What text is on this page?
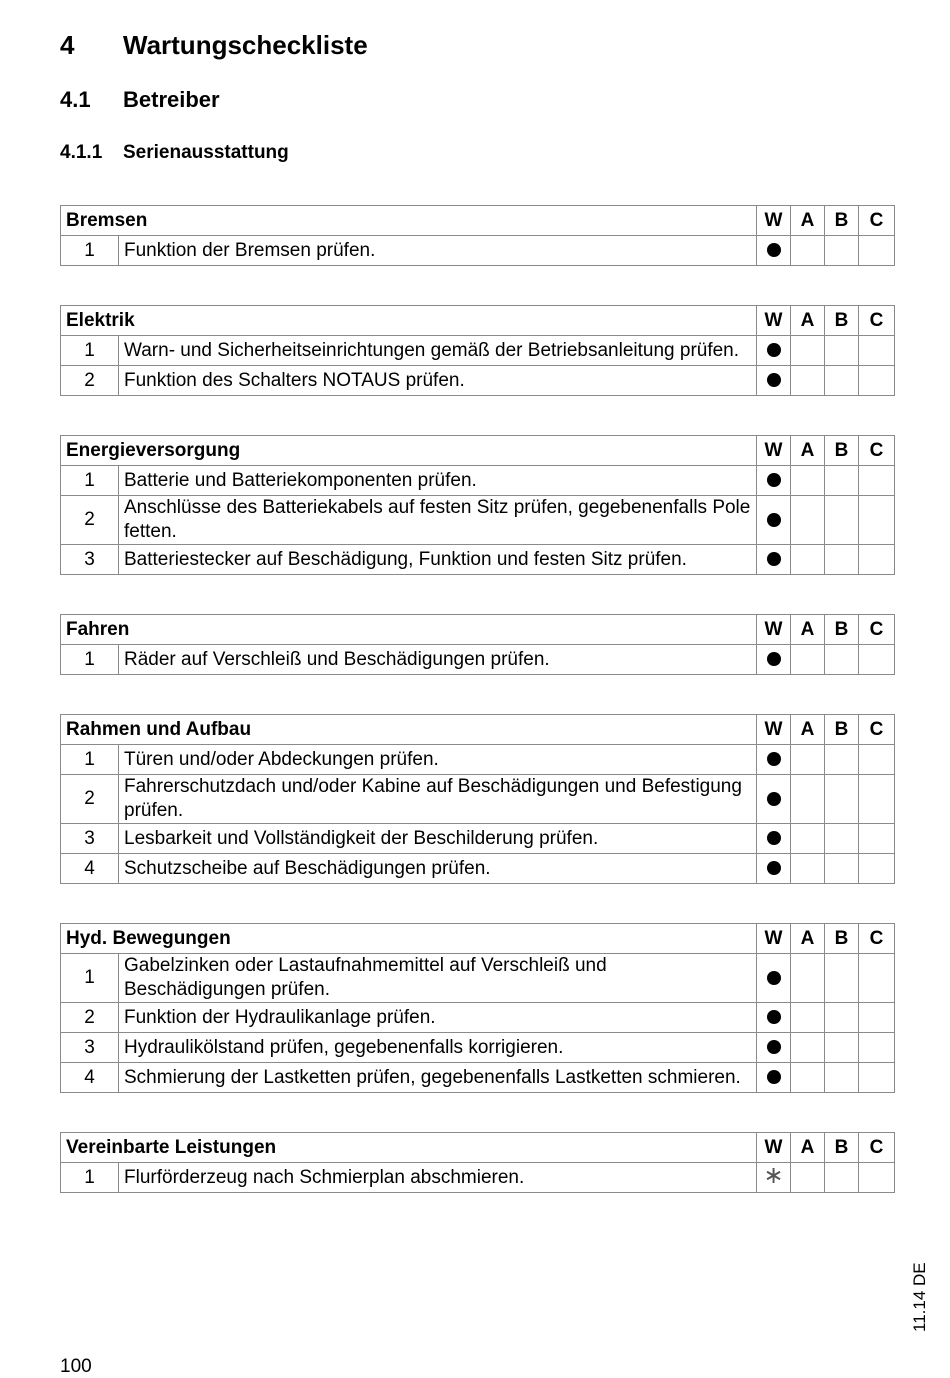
4 Wartungscheckliste
4.1 Betreiber
4.1.1 Serienausstattung
Bremsen		W	A	B	C
1	Funktion der Bremsen prüfen.				
Elektrik		W	A	B	C
1	Warn- und Sicherheitseinrichtungen gemäß der Betriebsanleitung prüfen.				
2	Funktion des Schalters NOTAUS prüfen.				
Energieversorgung		W	A	B	C
1	Batterie und Batteriekomponenten prüfen.				
2	Anschlüsse des Batteriekabels auf festen Sitz prüfen, gegebenenfalls Pole fetten.				
3	Batteriestecker auf Beschädigung, Funktion und festen Sitz prüfen.				
Fahren		W	A	B	C
1	Räder auf Verschleiß und Beschädigungen prüfen.				
Rahmen und Aufbau		W	A	B	C
1	Türen und/oder Abdeckungen prüfen.				
2	Fahrerschutzdach und/oder Kabine auf Beschädigungen und Befestigung prüfen.				
3	Lesbarkeit und Vollständigkeit der Beschilderung prüfen.				
4	Schutzscheibe auf Beschädigungen prüfen.				
Hyd. Bewegungen		W	A	B	C
1	Gabelzinken oder Lastaufnahmemittel auf Verschleiß und Beschädigungen prüfen.				
2	Funktion der Hydraulikanlage prüfen.				
3	Hydraulikölstand prüfen, gegebenenfalls korrigieren.				
4	Schmierung der Lastketten prüfen, gegebenenfalls Lastketten schmieren.				
Vereinbarte Leistungen		W	A	B	C
1	Flurförderzeug nach Schmierplan abschmieren.	∗			
11.14 DE
100
